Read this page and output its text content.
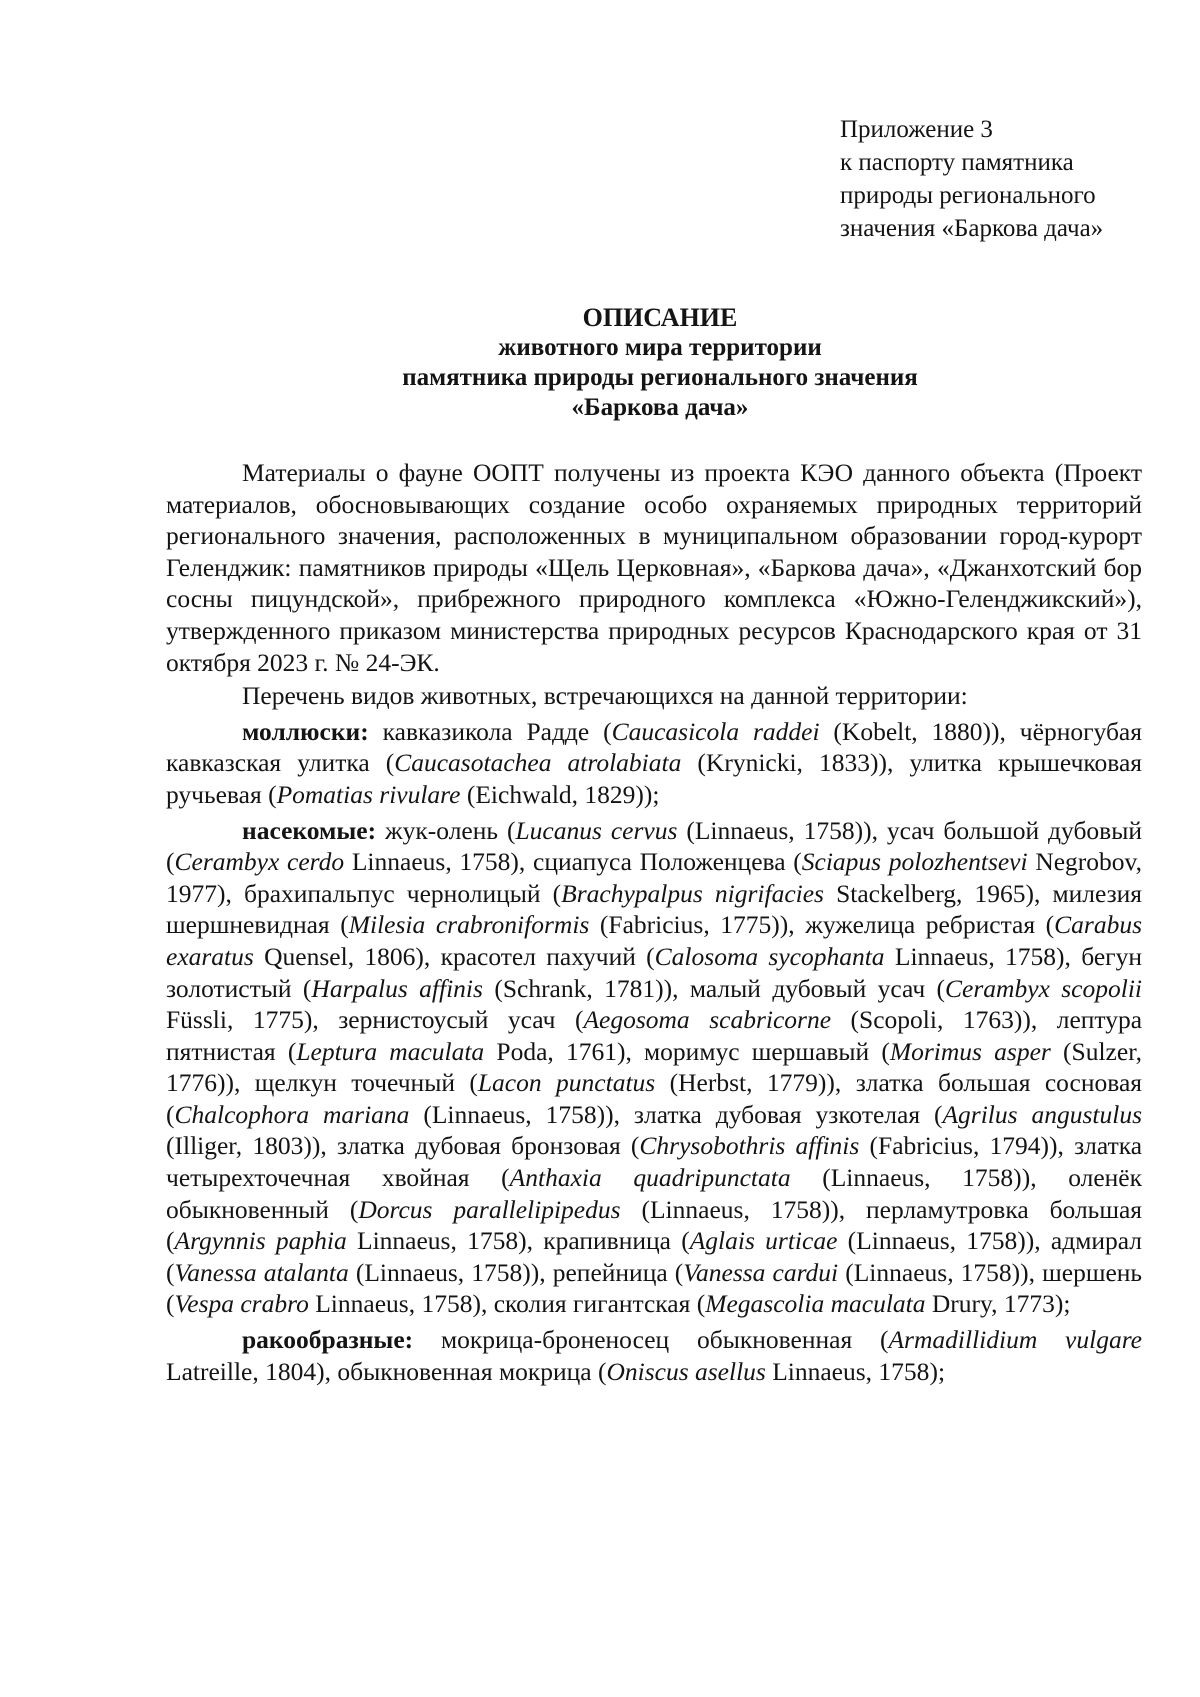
Приложение 3
к паспорту памятника
природы регионального
значения «Баркова дача»
ОПИСАНИЕ
животного мира территории
памятника природы регионального значения
«Баркова дача»

Материалы о фауне ООПТ получены из проекта КЭО данного объекта (Проект материалов, обосновывающих создание особо охраняемых природных территорий регионального значения, расположенных в муниципальном образовании город-курорт Геленджик: памятников природы «Щель Церковная», «Баркова дача», «Джанхотский бор сосны пицундской», прибрежного природного комплекса «Южно-Геленджикский»), утвержденного приказом министерства природных ресурсов Краснодарского края от 31 октября 2023 г. № 24-ЭК.

Перечень видов животных, встречающихся на данной территории:

моллюски: кавказикола Радде (Caucasicola raddei (Kobelt, 1880)), чёрногубая кавказская улитка (Caucasotachea atrolabiata (Krynicki, 1833)), улитка крышечковая ручьевая (Pomatias rivulare (Eichwald, 1829));

насекомые: жук-олень (Lucanus cervus (Linnaeus, 1758)), усач большой дубовый (Cerambyx cerdo Linnaeus, 1758), сциапуса Положенцева (Sciapus polozhentsevi Negrobov, 1977), брахипальпус чернолицый (Brachypalpus nigrifacies Stackelberg, 1965), милезия шершневидная (Milesia crabroniformis (Fabricius, 1775)), жужелица ребристая (Carabus exaratus Quensel, 1806), красотел пахучий (Calosoma sycophanta Linnaeus, 1758), бегун золотистый (Harpalus affinis (Schrank, 1781)), малый дубовый усач (Cerambyx scopolii Füssli, 1775), зернистоусый усач (Aegosoma scabricorne (Scopoli, 1763)), лептура пятнистая (Leptura maculata Poda, 1761), моримус шершавый (Morimus asper (Sulzer, 1776)), щелкун точечный (Lacon punctatus (Herbst, 1779)), златка большая сосновая (Chalcophora mariana (Linnaeus, 1758)), златка дубовая узкотелая (Agrilus angustulus (Illiger, 1803)), златка дубовая бронзовая (Chrysobothris affinis (Fabricius, 1794)), златка четырехточечная хвойная (Anthaxia quadripunctata (Linnaeus, 1758)), оленёк обыкновенный (Dorcus parallelipipedus (Linnaeus, 1758)), перламутровка большая (Argynnis paphia Linnaeus, 1758), крапивница (Aglais urticae (Linnaeus, 1758)), адмирал (Vanessa atalanta (Linnaeus, 1758)), репейница (Vanessa cardui (Linnaeus, 1758)), шершень (Vespa crabro Linnaeus, 1758), сколия гигантская (Megascolia maculata Drury, 1773);

ракообразные: мокрица-броненосец обыкновенная (Armadillidium vulgare Latreille, 1804), обыкновенная мокрица (Oniscus asellus Linnaeus, 1758);
